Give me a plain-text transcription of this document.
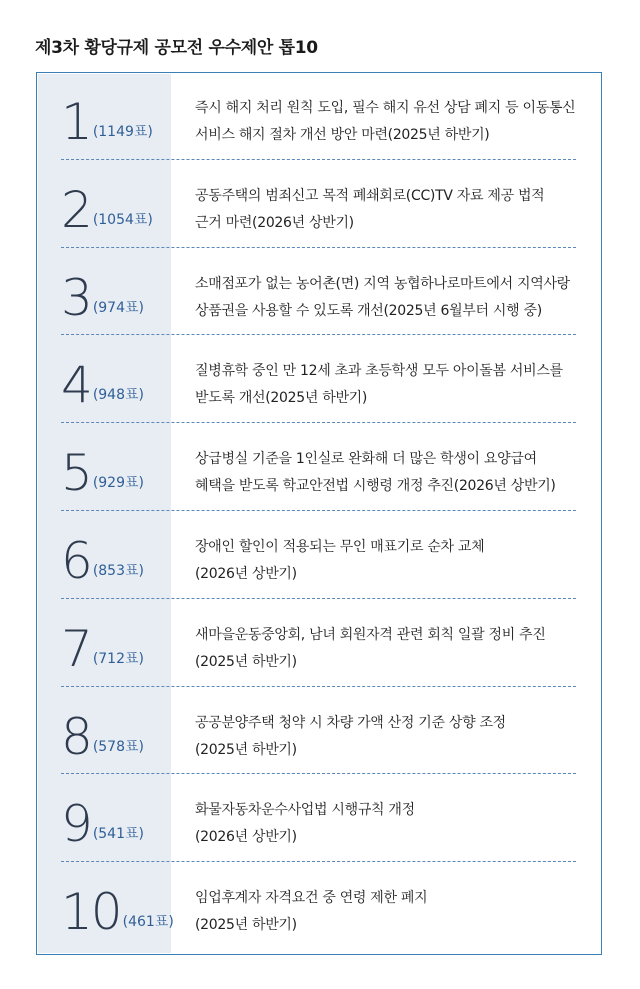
제3차 황당규제 공모전 우수제안 톱10
1 (1149표)
즉시 해지 처리 원칙 도입, 필수 해지 유선 상담 폐지 등 이동통신
서비스 해지 절차 개선 방안 마련(2025년 하반기)
2 (1054표)
공동주택의 범죄신고 목적 폐쇄회로(CC)TV 자료 제공 법적
근거 마련(2026년 상반기)
3 (974표)
소매점포가 없는 농어촌(면) 지역 농협하나로마트에서 지역사랑
상품권을 사용할 수 있도록 개선(2025년 6월부터 시행 중)
4 (948표)
질병휴학 중인 만 12세 초과 초등학생 모두 아이돌봄 서비스를
받도록 개선(2025년 하반기)
5 (929표)
상급병실 기준을 1인실로 완화해 더 많은 학생이 요양급여
혜택을 받도록 학교안전법 시행령 개정 추진(2026년 상반기)
6 (853표)
장애인 할인이 적용되는 무인 매표기로 순차 교체
(2026년 상반기)
7 (712표)
새마을운동중앙회, 남녀 회원자격 관련 회칙 일괄 정비 추진
(2025년 하반기)
8 (578표)
공공분양주택 청약 시 차량 가액 산정 기준 상향 조정
(2025년 하반기)
9 (541표)
화물자동차운수사업법 시행규칙 개정
(2026년 상반기)
10 (461표)
임업후계자 자격요건 중 연령 제한 폐지
(2025년 하반기)
